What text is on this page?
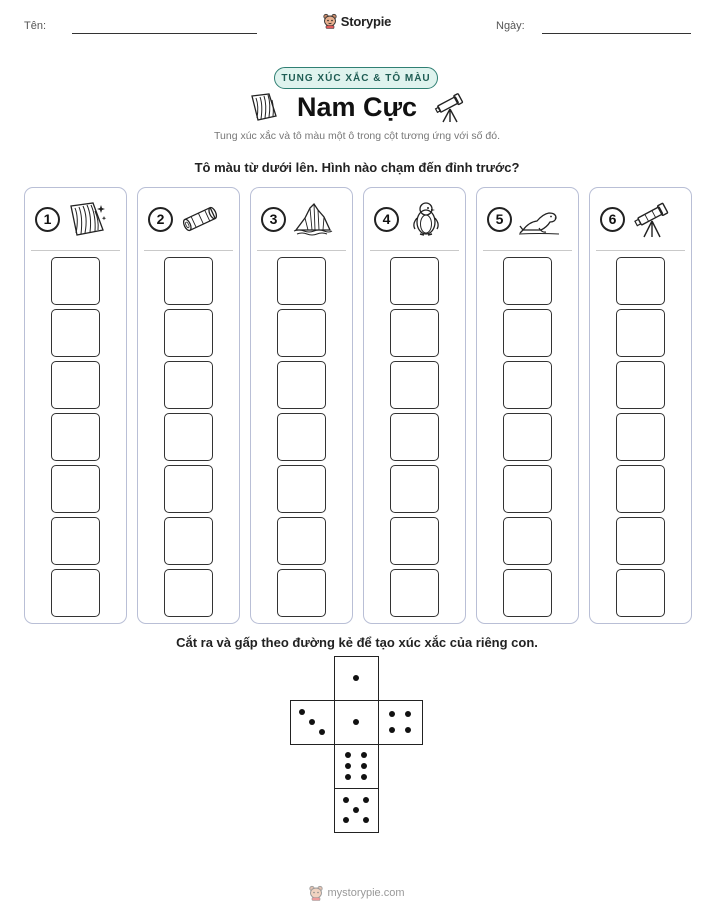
Tên:	Ngày:
Storypie
TUNG XÚC XẮC & TÔ MÀU
Nam Cực
Tung xúc xắc và tô màu một ô trong cột tương ứng với số đó.
Tô màu từ dưới lên. Hình nào chạm đến đỉnh trước?
1	2	3	4	5	6
Cắt ra và gấp theo đường kẻ để tạo xúc xắc của riêng con.
mystorypie.com
